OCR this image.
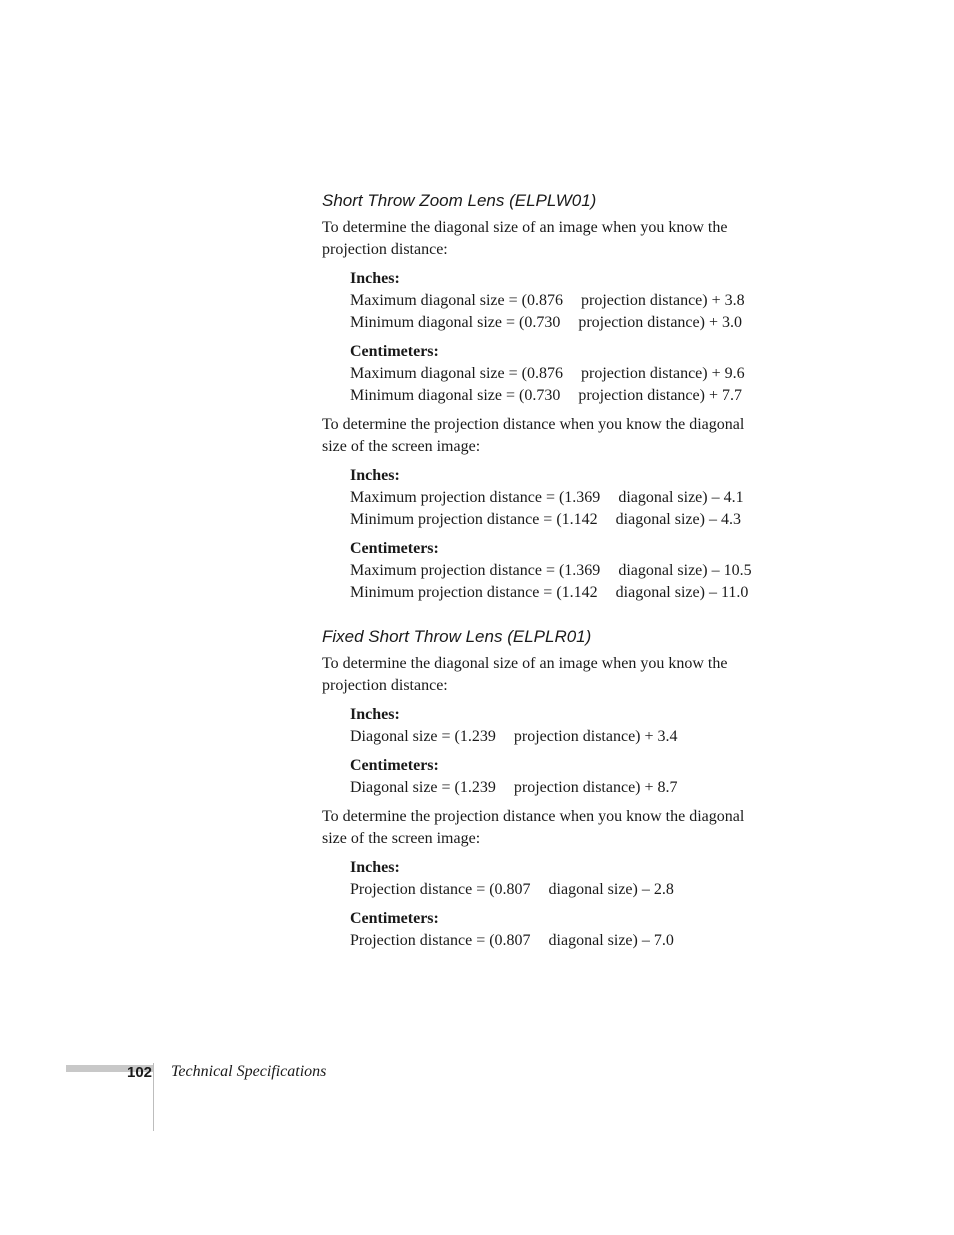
Short Throw Zoom Lens (ELPLW01)

To determine the diagonal size of an image when you know the projection distance:

Inches:
Maximum diagonal size = (0.876 projection distance) + 3.8
Minimum diagonal size = (0.730 projection distance) + 3.0
Centimeters:
Maximum diagonal size = (0.876 projection distance) + 9.6
Minimum diagonal size = (0.730 projection distance) + 7.7

To determine the projection distance when you know the diagonal size of the screen image:

Inches:
Maximum projection distance = (1.369 diagonal size) – 4.1
Minimum projection distance = (1.142 diagonal size) – 4.3
Centimeters:
Maximum projection distance = (1.369 diagonal size) – 10.5
Minimum projection distance = (1.142 diagonal size) – 11.0
Fixed Short Throw Lens (ELPLR01)

To determine the diagonal size of an image when you know the projection distance:

Inches:
Diagonal size = (1.239 projection distance) + 3.4
Centimeters:
Diagonal size = (1.239 projection distance) + 8.7

To determine the projection distance when you know the diagonal size of the screen image:

Inches:
Projection distance = (0.807 diagonal size) – 2.8
Centimeters:
Projection distance = (0.807 diagonal size) – 7.0
102 Technical Specifications
